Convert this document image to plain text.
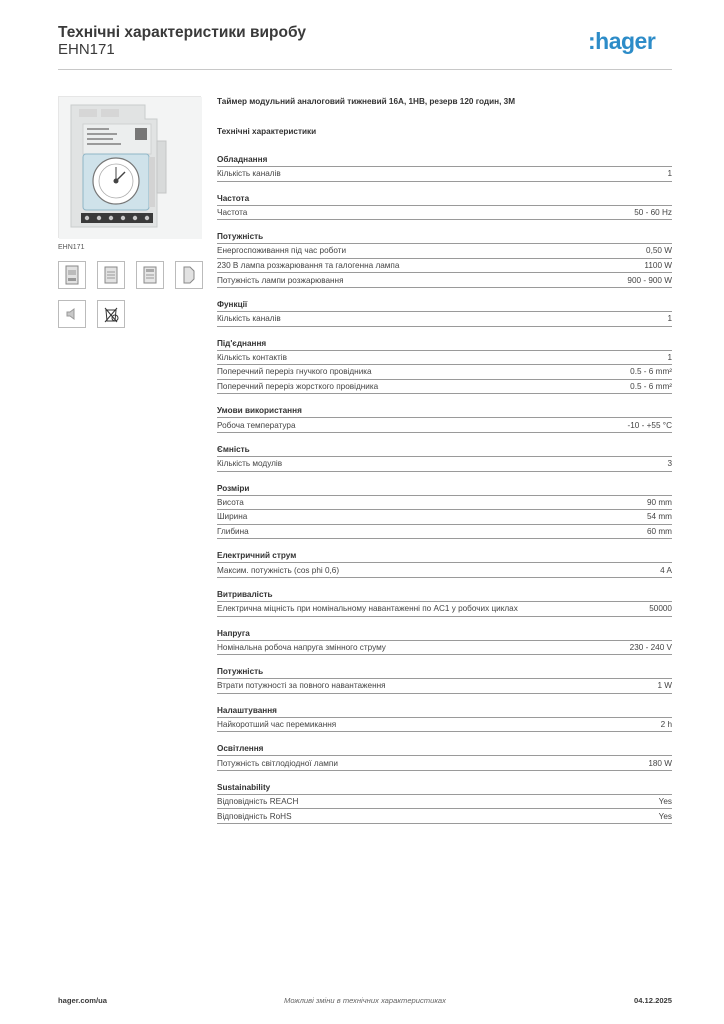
Технічні характеристики виробу
EHN171	:hager
EHN171
Таймер модульний аналоговий тижневий 16А, 1НВ, резерв 120 годин, 3М
Технічні характеристики
Обладнання
Кількість каналів	1
Частота
Частота	50 - 60 Hz
Потужність
Енергоспоживання під час роботи	0,50 W
230 В лампа розжарювання та галогенна лампа	1100 W
Потужність лампи розжарювання	900 - 900 W
Функції
Кількість каналів	1
Під'єднання
Кількість контактів	1
Поперечний переріз гнучкого провідника	0.5 - 6 mm²
Поперечний переріз жорсткого провідника	0.5 - 6 mm²
Умови використання
Робоча температура	-10 - +55 °C
Ємність
Кількість модулів	3
Розміри
Висота	90 mm
Ширина	54 mm
Глибина	60 mm
Електричний струм
Максим. потужність (cos phi 0,6)	4 A
Витривалість
Електрична міцність при номінальному навантаженні по AC1 у робочих циклах	50000
Напруга
Номінальна робоча напруга змінного струму	230 - 240 V
Потужність
Втрати потужності за повного навантаження	1 W
Налаштування
Найкоротший час перемикання	2 h
Освітлення
Потужність світлодіодної лампи	180 W
Sustainability
Відповідність REACH	Yes
Відповідність RoHS	Yes
hager.com/ua	Можливі зміни в технічних характеристиках	04.12.2025
